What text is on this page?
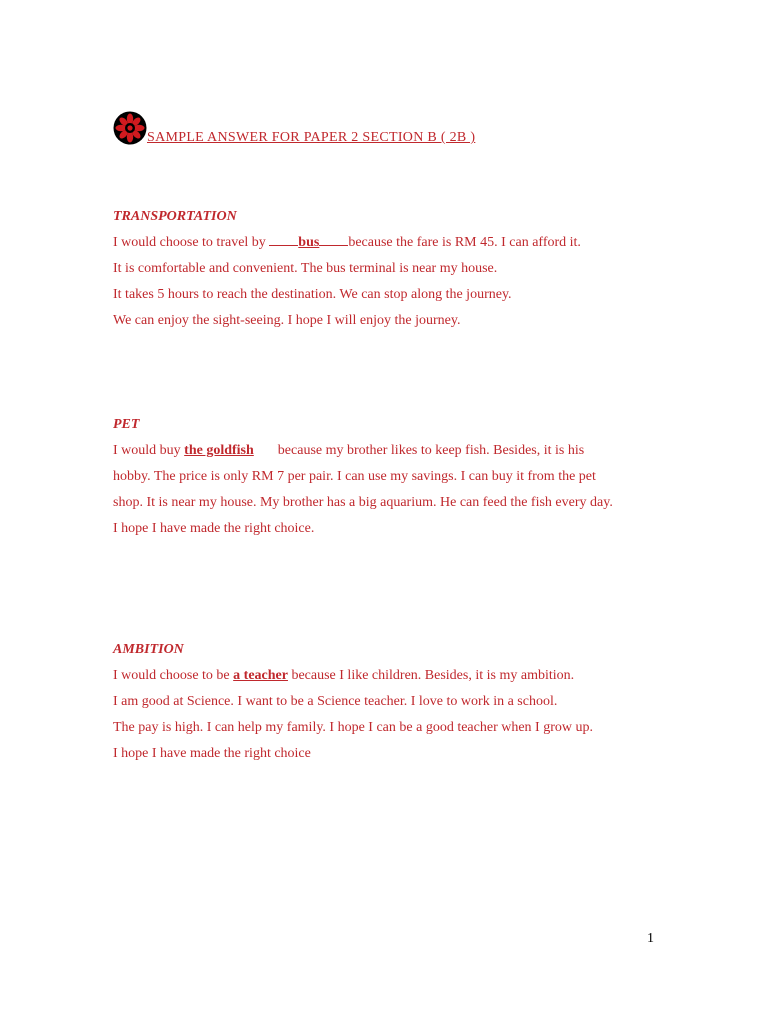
SAMPLE ANSWER FOR PAPER 2 SECTION B ( 2B )
TRANSPORTATION
I would choose to travel by bus because the fare is RM 45. I can afford it.
It is comfortable and convenient. The bus terminal is near my house.
It takes 5 hours to reach the destination. We can stop along the journey.
We can enjoy the sight-seeing. I hope I will enjoy the journey.
PET
I would buy the goldfish because my brother likes to keep fish. Besides, it is his
hobby. The price is only RM 7 per pair. I can use my savings. I can buy it from the pet
shop. It is near my house. My brother has a big aquarium. He can feed the fish every day.
I hope I have made the right choice.
AMBITION
I would choose to be a teacher because I like children. Besides, it is my ambition.
I am good at Science. I want to be a Science teacher. I love to work in a school.
The pay is high. I can help my family. I hope I can be a good teacher when I grow up.
I hope I have made the right choice
1
